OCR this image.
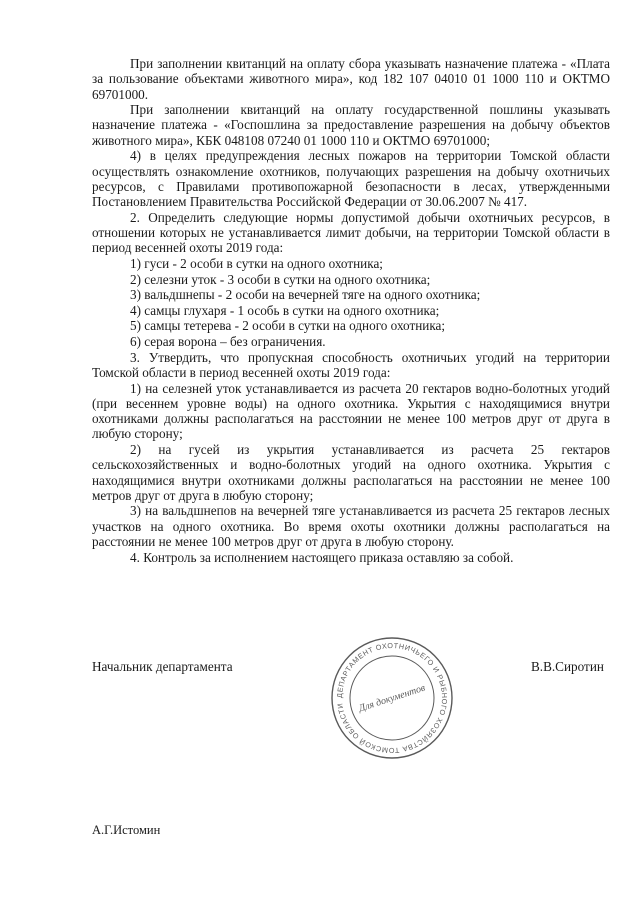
При заполнении квитанций на оплату сбора указывать назначение платежа - «Плата за пользование объектами животного мира», код 182 107 04010 01 1000 110 и ОКТМО 69701000.

При заполнении квитанций на оплату государственной пошлины указывать назначение платежа - «Госпошлина за предоставление разрешения на добычу объектов животного мира», КБК 048108 07240 01 1000 110 и ОКТМО 69701000;

4) в целях предупреждения лесных пожаров на территории Томской области осуществлять ознакомление охотников, получающих разрешения на добычу охотничьих ресурсов, с Правилами противопожарной безопасности в лесах, утвержденными Постановлением Правительства Российской Федерации от 30.06.2007 № 417.

2. Определить следующие нормы допустимой добычи охотничьих ресурсов, в отношении которых не устанавливается лимит добычи, на территории Томской области в период весенней охоты 2019 года:

1) гуси - 2 особи в сутки на одного охотника;

2) селезни уток - 3 особи в сутки на одного охотника;

3) вальдшнепы - 2 особи на вечерней тяге на одного охотника;

4) самцы глухаря - 1 особь в сутки на одного охотника;

5) самцы тетерева - 2 особи в сутки на одного охотника;

6) серая ворона – без ограничения.

3. Утвердить, что пропускная способность охотничьих угодий на территории Томской области в период весенней охоты 2019 года:

1) на селезней уток устанавливается из расчета 20 гектаров водно-болотных угодий (при весеннем уровне воды) на одного охотника. Укрытия с находящимися внутри охотниками должны располагаться на расстоянии не менее 100 метров друг от друга в любую сторону;

2) на гусей из укрытия устанавливается из расчета 25 гектаров сельскохозяйственных и водно-болотных угодий на одного охотника. Укрытия с находящимися внутри охотниками должны располагаться на расстоянии не менее 100 метров друг от друга в любую сторону;

3) на вальдшнепов на вечерней тяге устанавливается из расчета 25 гектаров лесных участков на одного охотника. Во время охоты охотники должны располагаться на расстоянии не менее 100 метров друг от друга в любую сторону.

4. Контроль за исполнением настоящего приказа оставляю за собой.

Начальник департамента	В.В.Сиротин
ДЕПАРТАМЕНТ ОХОТНИЧЬЕГО И РЫБНОГО ХОЗЯЙСТВА ТОМСКОЙ ОБЛАСТИ	Для документов
А.Г.Истомин
